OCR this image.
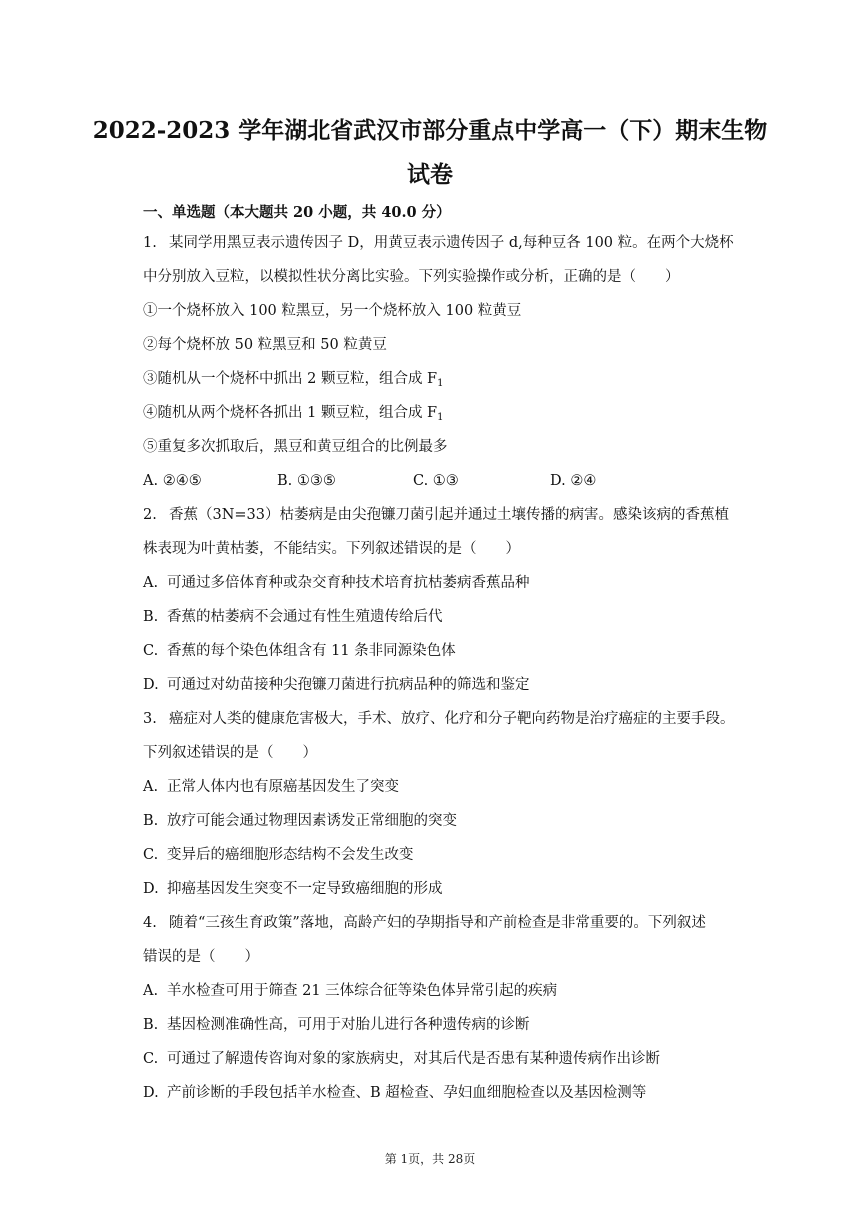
2022-2023 学年湖北省武汉市部分重点中学高一（下）期末生物
试卷
一、单选题（本大题共 20 小题，共 40.0 分）
1. 某同学用黑豆表示遗传因子 D，用黄豆表示遗传因子 d,每种豆各 100 粒。在两个大烧杯
中分别放入豆粒，以模拟性状分离比实验。下列实验操作或分析，正确的是（　　）
①一个烧杯放入 100 粒黑豆，另一个烧杯放入 100 粒黄豆
②每个烧杯放 50 粒黑豆和 50 粒黄豆
③随机从一个烧杯中抓出 2 颗豆粒，组合成 $F_1$
④随机从两个烧杯各抓出 1 颗豆粒，组合成 $F_1$
⑤重复多次抓取后，黑豆和黄豆组合的比例最多
A. ②④⑤	B. ①③⑤	C. ①③	D. ②④
2. 香蕉（3N=33）枯萎病是由尖孢镰刀菌引起并通过土壤传播的病害。感染该病的香蕉植
株表现为叶黄枯萎，不能结实。下列叙述错误的是（　　）
A. 可通过多倍体育种或杂交育种技术培育抗枯萎病香蕉品种
B. 香蕉的枯萎病不会通过有性生殖遗传给后代
C. 香蕉的每个染色体组含有 11 条非同源染色体
D. 可通过对幼苗接种尖孢镰刀菌进行抗病品种的筛选和鉴定
3. 癌症对人类的健康危害极大，手术、放疗、化疗和分子靶向药物是治疗癌症的主要手段。
下列叙述错误的是（　　）
A. 正常人体内也有原癌基因发生了突变
B. 放疗可能会通过物理因素诱发正常细胞的突变
C. 变异后的癌细胞形态结构不会发生改变
D. 抑癌基因发生突变不一定导致癌细胞的形成
4. 随着“三孩生育政策”落地，高龄产妇的孕期指导和产前检查是非常重要的。下列叙述
错误的是（　　）
A. 羊水检查可用于筛查 21 三体综合征等染色体异常引起的疾病
B. 基因检测准确性高，可用于对胎儿进行各种遗传病的诊断
C. 可通过了解遗传咨询对象的家族病史，对其后代是否患有某种遗传病作出诊断
D. 产前诊断的手段包括羊水检查、B 超检查、孕妇血细胞检查以及基因检测等
第 1页，共 28页
